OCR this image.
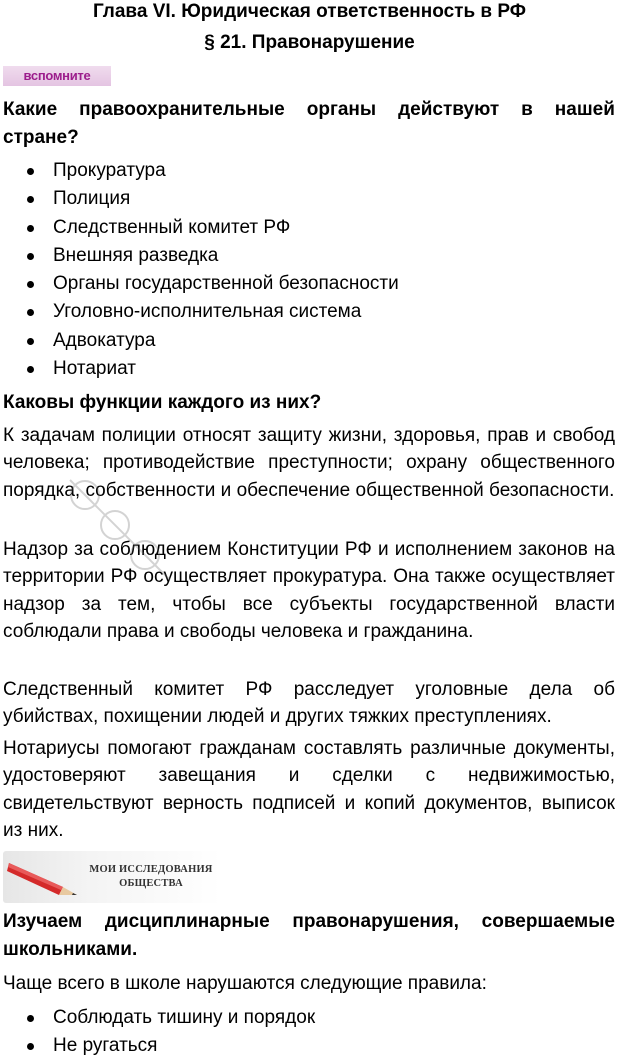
Глава VI. Юридическая ответственность в РФ
§ 21. Правонарушение
вспомните
Какие правоохранительные органы действуют в нашей
стране?
Прокуратура
Полиция
Следственный комитет РФ
Внешняя разведка
Органы государственной безопасности
Уголовно-исполнительная система
Адвокатура
Нотариат
Каковы функции каждого из них?
К задачам полиции относят защиту жизни, здоровья, прав и свобод человека; противодействие преступности; охрану общественного порядка, собственности и обеспечение общественной безопасности.
Надзор за соблюдением Конституции РФ и исполнением законов на территории РФ осуществляет прокуратура. Она также осуществляет надзор за тем, чтобы все субъекты государственной власти соблюдали права и свободы человека и гражданина.
Следственный комитет РФ расследует уголовные дела об убийствах, похищении людей и других тяжких преступлениях.
Нотариусы помогают гражданам составлять различные документы, удостоверяют завещания и сделки с недвижимостью, свидетельствуют верность подписей и копий документов, выписок из них.
МОИ ИССЛЕДОВАНИЯ
ОБЩЕСТВА
Изучаем дисциплинарные правонарушения, совершаемые школьниками.
Чаще всего в школе нарушаются следующие правила:
Соблюдать тишину и порядок
Не ругаться
